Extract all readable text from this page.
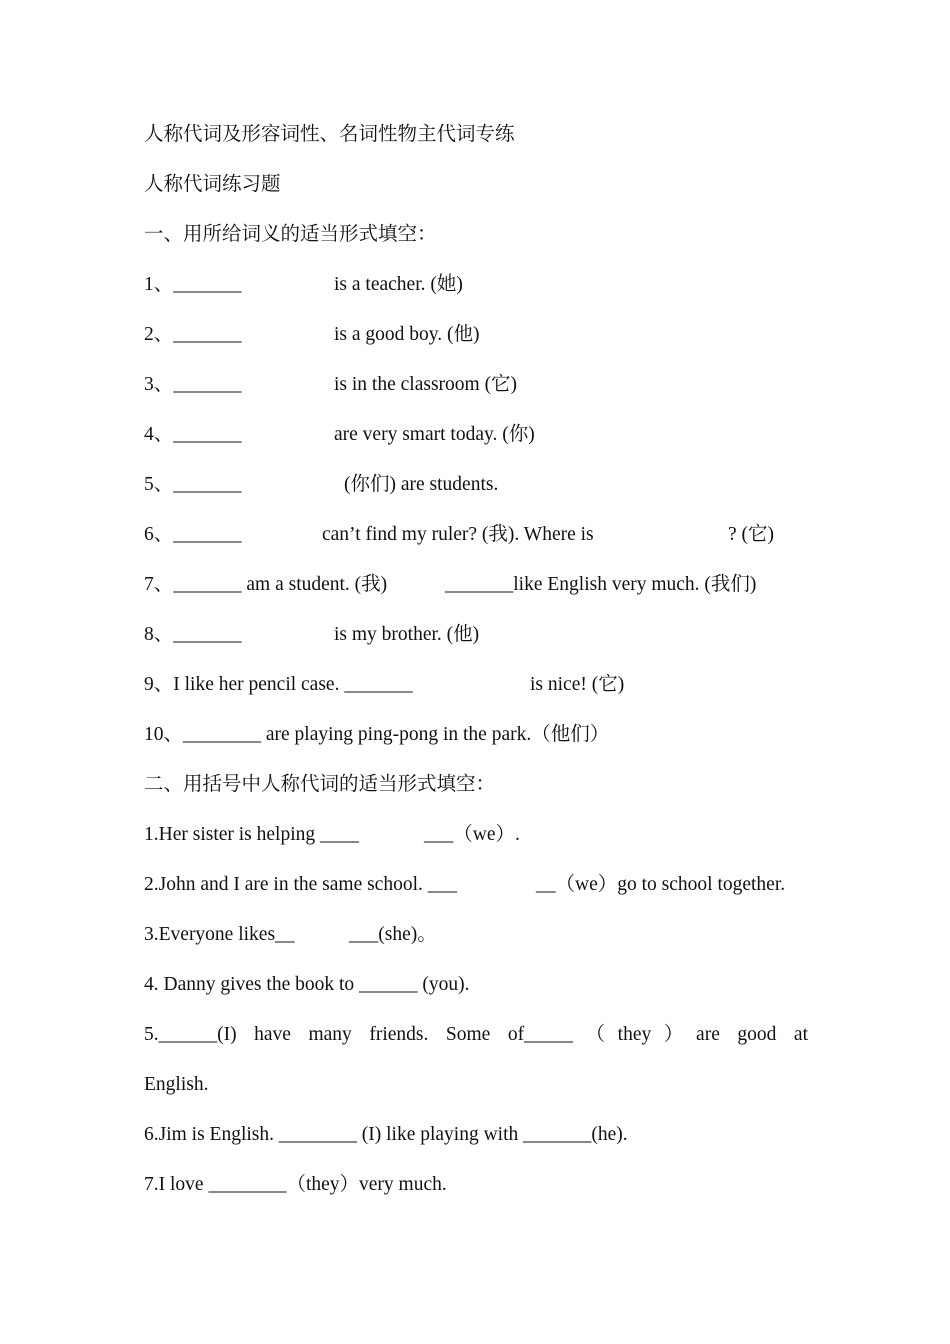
人称代词及形容词性、名词性物主代词专练
人称代词练习题
一、用所给词义的适当形式填空：
1、_______	is a teacher. (她)
2、_______	is a good boy. (他)
3、_______	is in the classroom (它)
4、_______	are very smart today. (你)
5、_______	(你们) are students.
6、_______	can’t find my ruler? (我). Where is	? (它)
7、_______ am a student. (我)	_______like English very much. (我们)
8、_______	is my brother. (他)
9、I like her pencil case. _______	is nice! (它)
10、________ are playing ping-pong in the park.（他们）
二、用括号中人称代词的适当形式填空：
1.Her sister is helping ____	___（we）.
2.John and I are in the same school. ___	__（we）go to school together.
3.Everyone likes__	___(she)。
4. Danny gives the book to ______ (you).
5.______(I) have many friends. Some of_____（they）are good at
English.
6.Jim is English. ________ (I) like playing with _______(he).
7.I love ________（they）very much.
